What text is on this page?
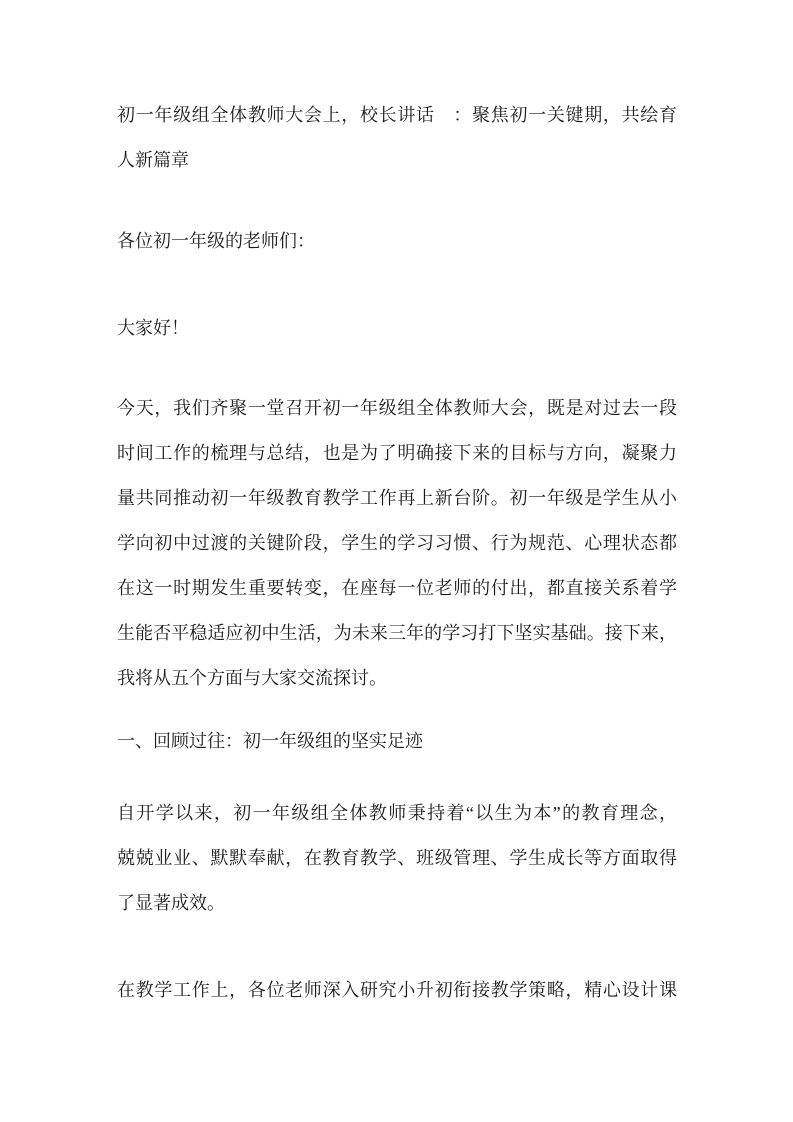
初一年级组全体教师大会上，校长讲话　：聚焦初一关键期，共绘育
人新篇章
各位初一年级的老师们：
大家好！
今天，我们齐聚一堂召开初一年级组全体教师大会，既是对过去一段
时间工作的梳理与总结，也是为了明确接下来的目标与方向，凝聚力
量共同推动初一年级教育教学工作再上新台阶。初一年级是学生从小
学向初中过渡的关键阶段，学生的学习习惯、行为规范、心理状态都
在这一时期发生重要转变，在座每一位老师的付出，都直接关系着学
生能否平稳适应初中生活，为未来三年的学习打下坚实基础。接下来，
我将从五个方面与大家交流探讨。
一、回顾过往：初一年级组的坚实足迹
自开学以来，初一年级组全体教师秉持着“以生为本”的教育理念，
兢兢业业、默默奉献，在教育教学、班级管理、学生成长等方面取得
了显著成效。
在教学工作上，各位老师深入研究小升初衔接教学策略，精心设计课
